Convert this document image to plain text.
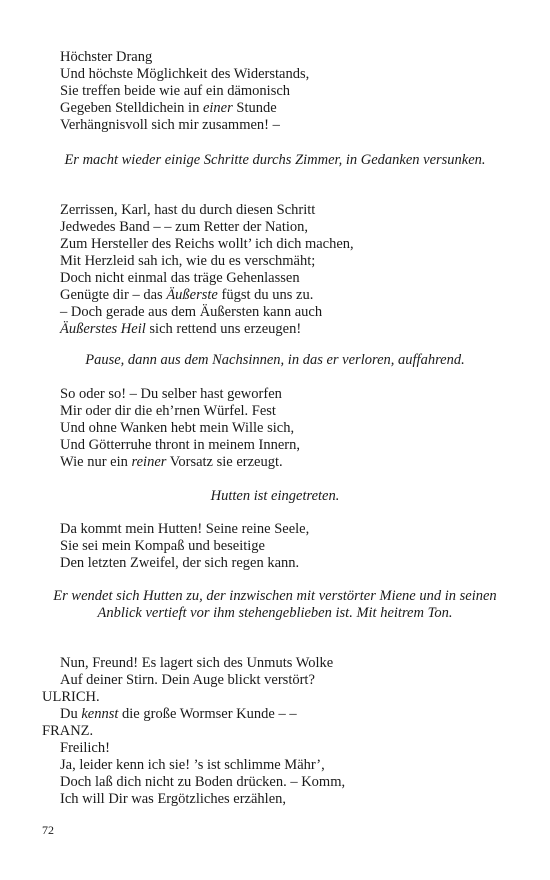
Höchster Drang
Und höchste Möglichkeit des Widerstands,
Sie treffen beide wie auf ein dämonisch
Gegeben Stelldichein in einer Stunde
Verhängnisvoll sich mir zusammen! –

Er macht wieder einige Schritte durchs Zimmer, in Gedanken versunken.

Zerrissen, Karl, hast du durch diesen Schritt
Jedwedes Band – – zum Retter der Nation,
Zum Hersteller des Reichs wollt’ ich dich machen,
Mit Herzleid sah ich, wie du es verschmäht;
Doch nicht einmal das träge Gehenlassen
Genügte dir – das Äußerste fügst du uns zu.
– Doch gerade aus dem Äußersten kann auch
Äußerstes Heil sich rettend uns erzeugen!

Pause, dann aus dem Nachsinnen, in das er verloren, auffahrend.

So oder so! – Du selber hast geworfen
Mir oder dir die eh’rnen Würfel. Fest
Und ohne Wanken hebt mein Wille sich,
Und Götterruhe thront in meinem Innern,
Wie nur ein reiner Vorsatz sie erzeugt.

Hutten ist eingetreten.

Da kommt mein Hutten! Seine reine Seele,
Sie sei mein Kompaß und beseitige
Den letzten Zweifel, der sich regen kann.

Er wendet sich Hutten zu, der inzwischen mit verstörter Miene und in seinen Anblick vertieft vor ihm stehengeblieben ist. Mit heitrem Ton.

Nun, Freund! Es lagert sich des Unmuts Wolke
Auf deiner Stirn. Dein Auge blickt verstört?
ULRICH.
Du kennst die große Wormser Kunde – –
FRANZ.
Freilich!
Ja, leider kenn ich sie! ’s ist schlimme Mähr’,
Doch laß dich nicht zu Boden drücken. – Komm,
Ich will Dir was Ergötzliches erzählen,
72
